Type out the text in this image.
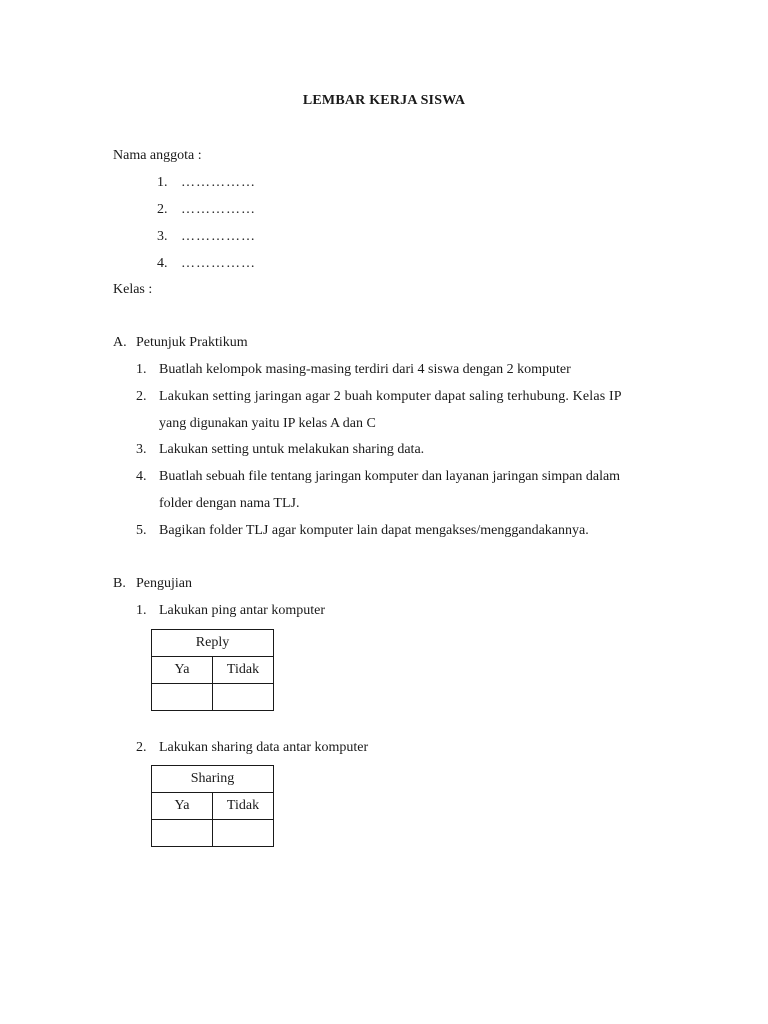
LEMBAR KERJA SISWA
Nama anggota :
1. ……………
2. ……………
3. ……………
4. ……………
Kelas :
A. Petunjuk Praktikum
1. Buatlah kelompok masing-masing terdiri dari 4 siswa dengan 2 komputer
2. Lakukan setting jaringan agar 2 buah komputer dapat saling terhubung. Kelas IP
yang digunakan yaitu IP kelas A dan C
3. Lakukan setting untuk melakukan sharing data.
4. Buatlah sebuah file tentang jaringan komputer dan layanan jaringan simpan dalam
folder dengan nama TLJ.
5. Bagikan folder TLJ agar komputer lain dapat mengakses/menggandakannya.
B. Pengujian
1. Lakukan ping antar komputer
Reply	
Ya	Tidak

2. Lakukan sharing data antar komputer
Sharing	
Ya	Tidak
